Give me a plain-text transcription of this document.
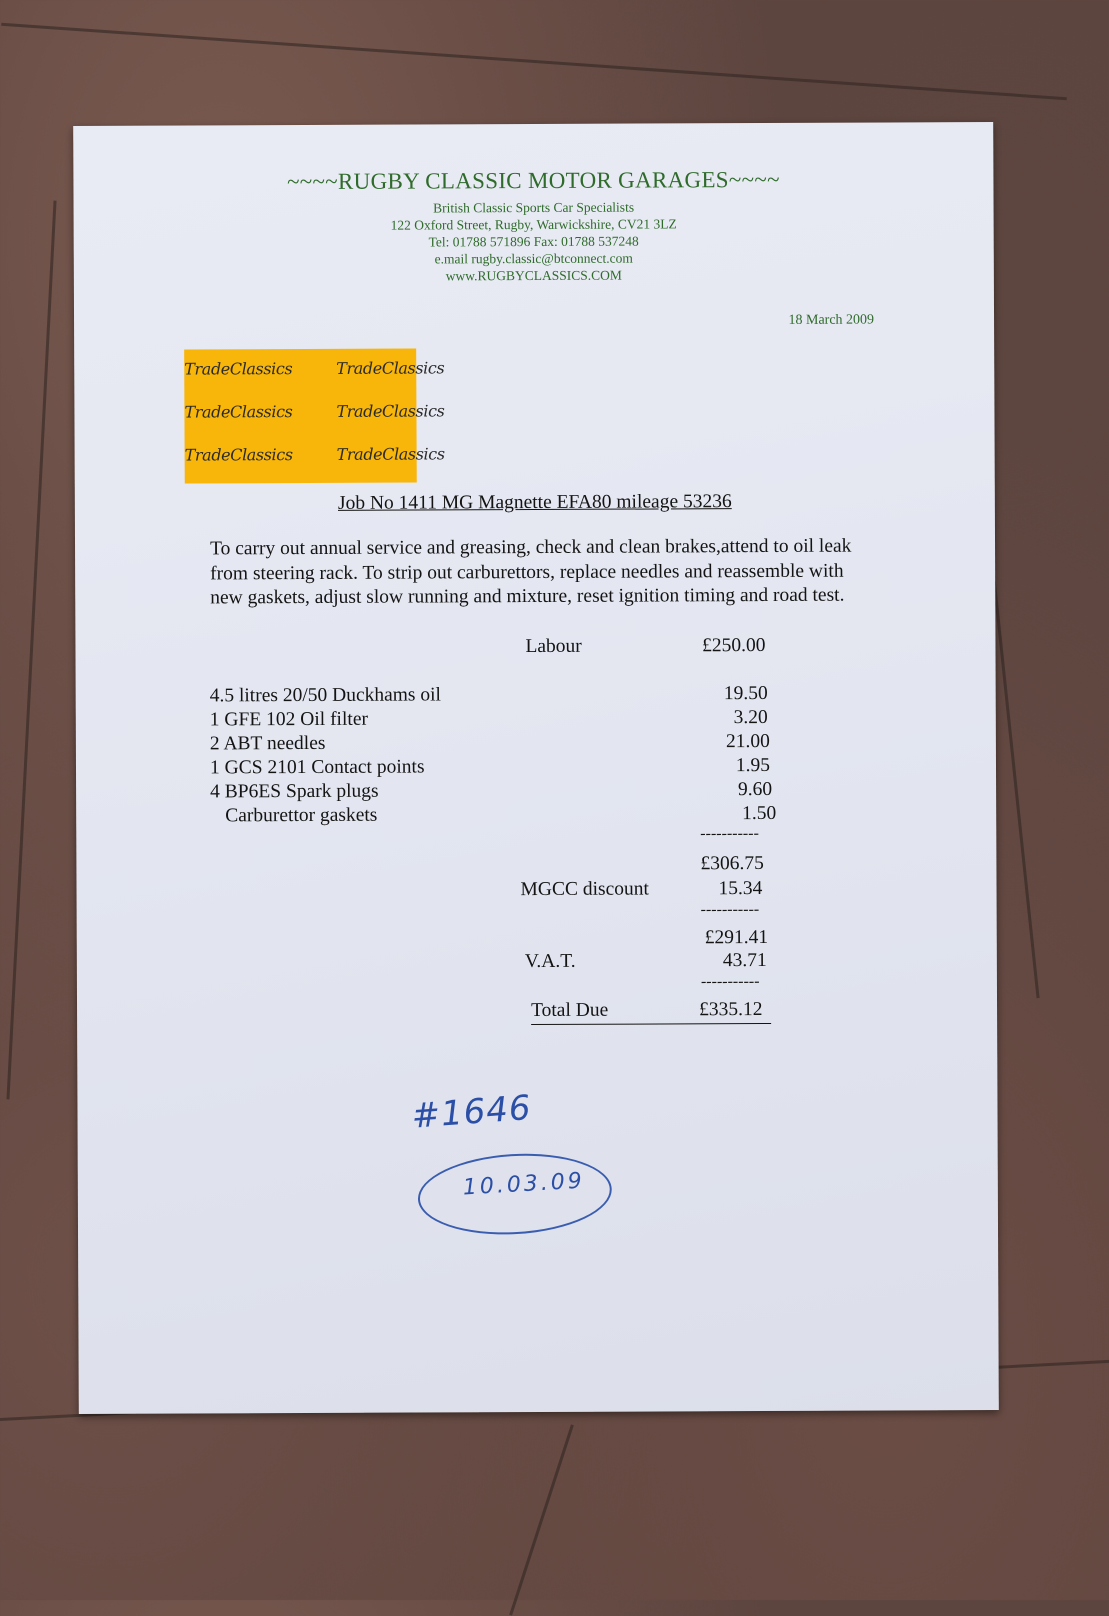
~~~~RUGBY CLASSIC MOTOR GARAGES~~~~
British Classic Sports Car Specialists
122 Oxford Street, Rugby, Warwickshire, CV21 3LZ
Tel: 01788 571896 Fax: 01788 537248
e.mail rugby.classic@btconnect.com
www.RUGBYCLASSICS.COM
18 March 2009
TradeClassics	TradeClassics
TradeClassics	TradeClassics
TradeClassics	TradeClassics
Job No 1411 MG Magnette EFA80 mileage 53236
To carry out annual service and greasing, check and clean brakes,attend to oil leak from steering rack. To strip out carburettors, replace needles and reassemble with new gaskets, adjust slow running and mixture, reset ignition timing and road test.
Labour	£250.00
4.5 litres 20/50 Duckhams oil	19.50
1 GFE 102 Oil filter	3.20
2 ABT needles	21.00
1 GCS 2101 Contact points	1.95
4 BP6ES Spark plugs	9.60
Carburettor gaskets	1.50
-----------
£306.75
MGCC discount	15.34
-----------
£291.41
V.A.T.	43.71
-----------
Total Due	£335.12
#1646
10.03.09
